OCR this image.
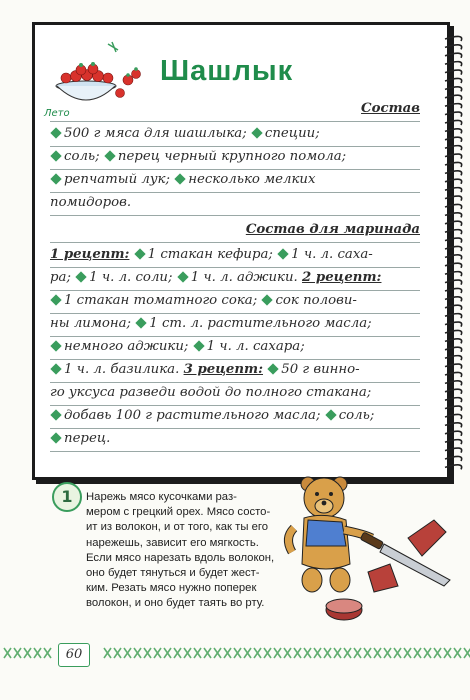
Шашлык
Лето	Состав
500 г мяса для шашлыка; специи;
соль; перец черный крупного помола;
репчатый лук; несколько мелких
помидоров.
Состав для маринада
1 рецепт: 1 стакан кефира; 1 ч. л. саха-
ра; 1 ч. л. соли; 1 ч. л. аджики. 2 рецепт:
1 стакан томатного сока; сок полови-
ны лимона; 1 ст. л. растительного масла;
немного аджики; 1 ч. л. сахара;
1 ч. л. базилика. 3 рецепт: 50 г винно-
го уксуса разведи водой до полного стакана;
добавь 100 г растительного масла; соль;
перец.
1	Нарежь мясо кусочками раз-
мером с грецкий орех. Мясо состо-
ит из волокон, и от того, как ты его
нарежешь, зависит его мягкость.
Если мясо нарезать вдоль волокон,
оно будет тянуться и будет жест-
ким. Резать мясо нужно поперек
волокон, и оно будет таять во рту.
60
